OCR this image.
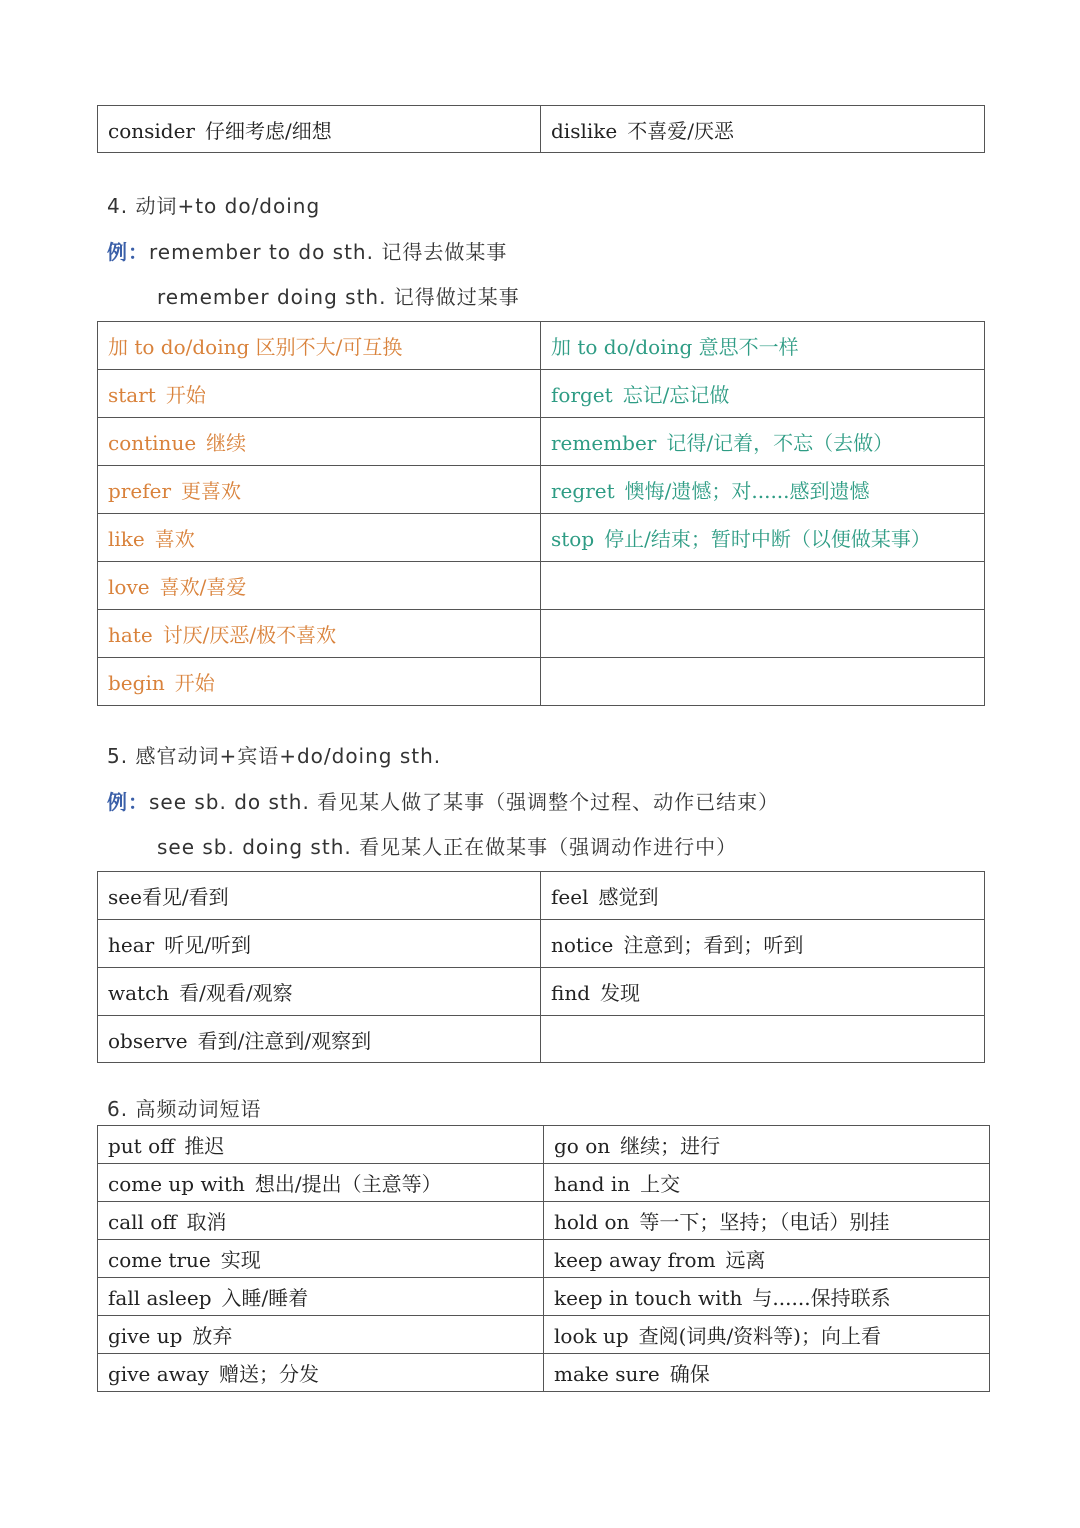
consider 仔细考虑/细想	dislike 不喜爱/厌恶
4. 动词+to do/doing
例：remember to do sth. 记得去做某事
remember doing sth. 记得做过某事
加 to do/doing 区别不大/可互换	加 to do/doing 意思不一样
start 开始	forget 忘记/忘记做
continue 继续	remember 记得/记着，不忘（去做）
prefer 更喜欢	regret 懊悔/遗憾；对......感到遗憾
like 喜欢	stop 停止/结束；暂时中断（以便做某事）
love 喜欢/喜爱	
hate 讨厌/厌恶/极不喜欢	
begin 开始	
5. 感官动词+宾语+do/doing sth.
例：see sb. do sth. 看见某人做了某事（强调整个过程、动作已结束）
see sb. doing sth. 看见某人正在做某事（强调动作进行中）
see看见/看到	feel 感觉到
hear 听见/听到	notice 注意到；看到；听到
watch 看/观看/观察	find 发现
observe 看到/注意到/观察到	
6. 高频动词短语
put off 推迟	go on 继续；进行
come up with 想出/提出（主意等）	hand in 上交
call off 取消	hold on 等一下；坚持；（电话）别挂
come true 实现	keep away from 远离
fall asleep 入睡/睡着	keep in touch with 与......保持联系
give up 放弃	look up 查阅(词典/资料等)；向上看
give away 赠送；分发	make sure 确保
